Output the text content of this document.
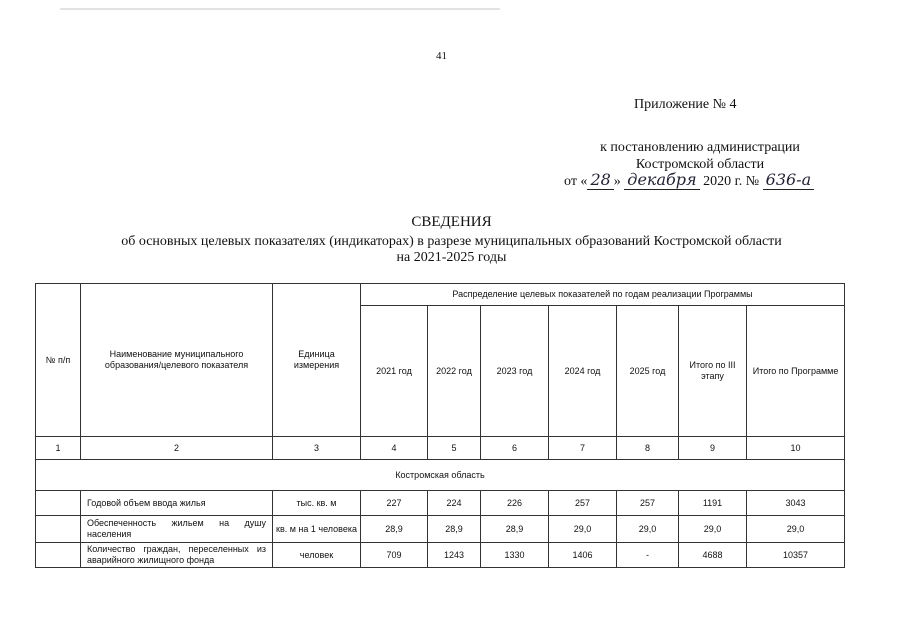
41
Приложение № 4
к постановлению администрации
Костромской области
от « 28 » декабря 2020 г. № 636-а
СВЕДЕНИЯ
об основных целевых показателях (индикаторах) в разрезе муниципальных образований Костромской области
на 2021-2025 годы
№ п/п	Наименование муниципального образования/целевого показателя	Единица измерения	Распределение целевых показателей по годам реализации Программы						
			2021 год	2022 год	2023 год	2024 год	2025 год	Итого по III этапу	Итого по Программе
1	2	3	4	5	6	7	8	9	10
Костромская область									
	Годовой объем ввода жилья	тыс. кв. м	227	224	226	257	257	1191	3043
	Обеспеченность жильем на душу населения	кв. м на 1 человека	28,9	28,9	28,9	29,0	29,0	29,0	29,0
	Количество граждан, переселенных из аварийного жилищного фонда	человек	709	1243	1330	1406	-	4688	10357
